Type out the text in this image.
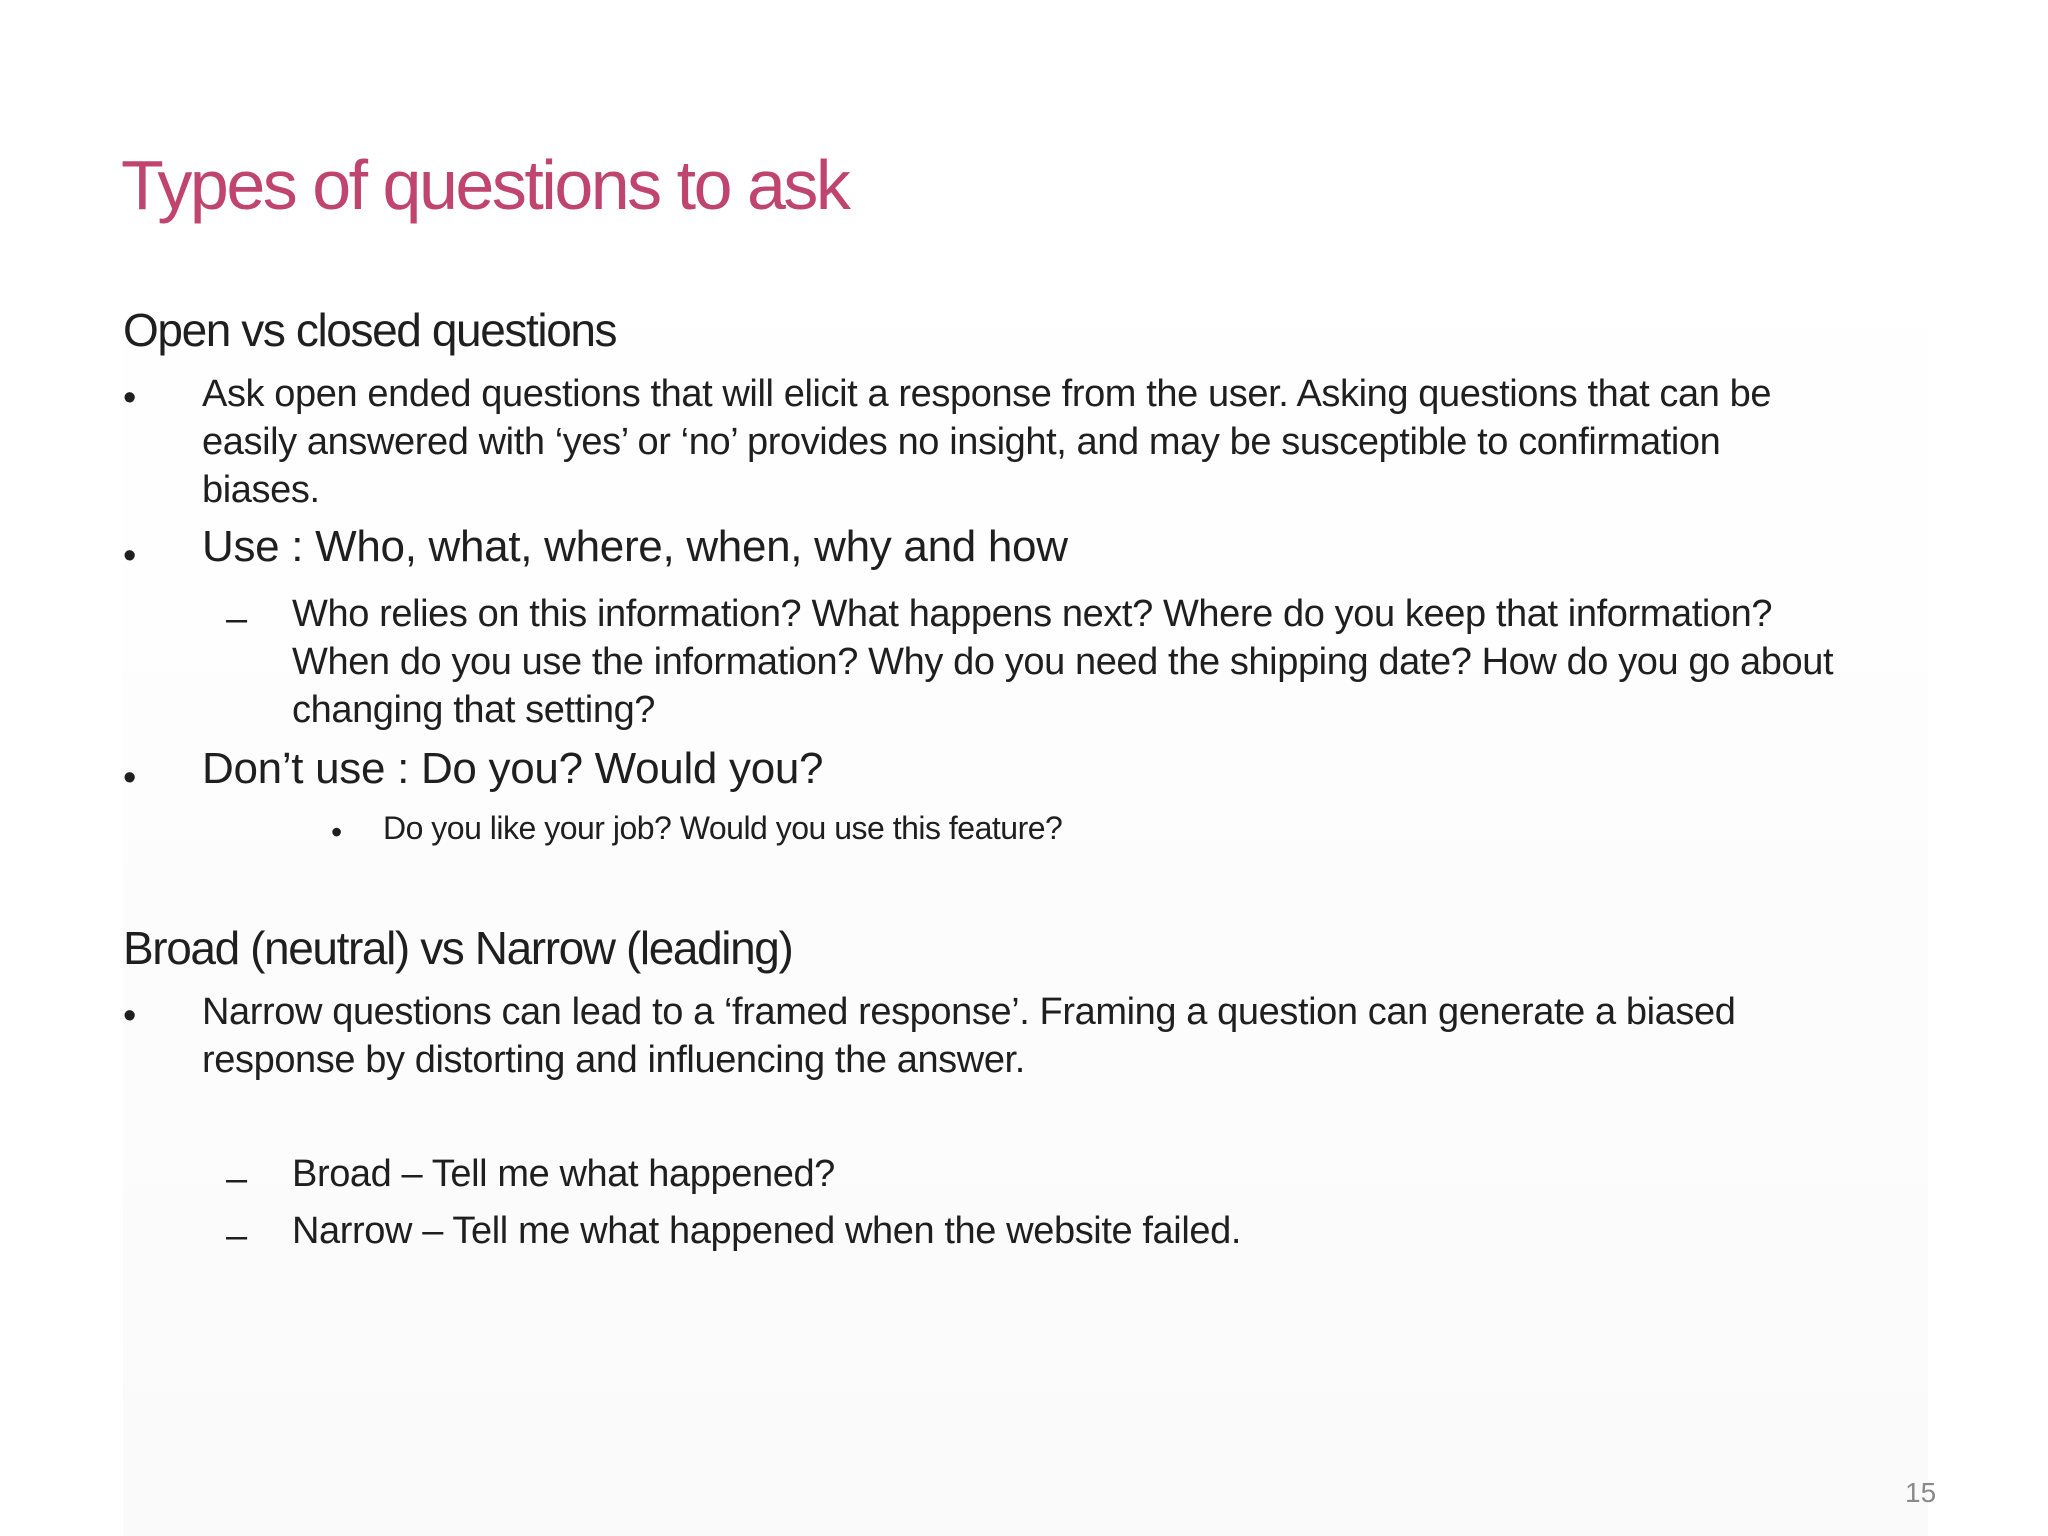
Types of questions to ask
Open vs closed questions
• Ask open ended questions that will elicit a response from the user. Asking questions that can be
easily answered with ‘yes’ or ‘no’ provides no insight, and may be susceptible to confirmation
biases.
• Use : Who, what, where, when, why and how
– Who relies on this information? What happens next? Where do you keep that information?
When do you use the information? Why do you need the shipping date? How do you go about
changing that setting?
• Don’t use : Do you? Would you?
• Do you like your job? Would you use this feature?
Broad (neutral) vs Narrow (leading)
• Narrow questions can lead to a ‘framed response’. Framing a question can generate a biased
response by distorting and influencing the answer.
– Broad – Tell me what happened?
– Narrow – Tell me what happened when the website failed.
15
